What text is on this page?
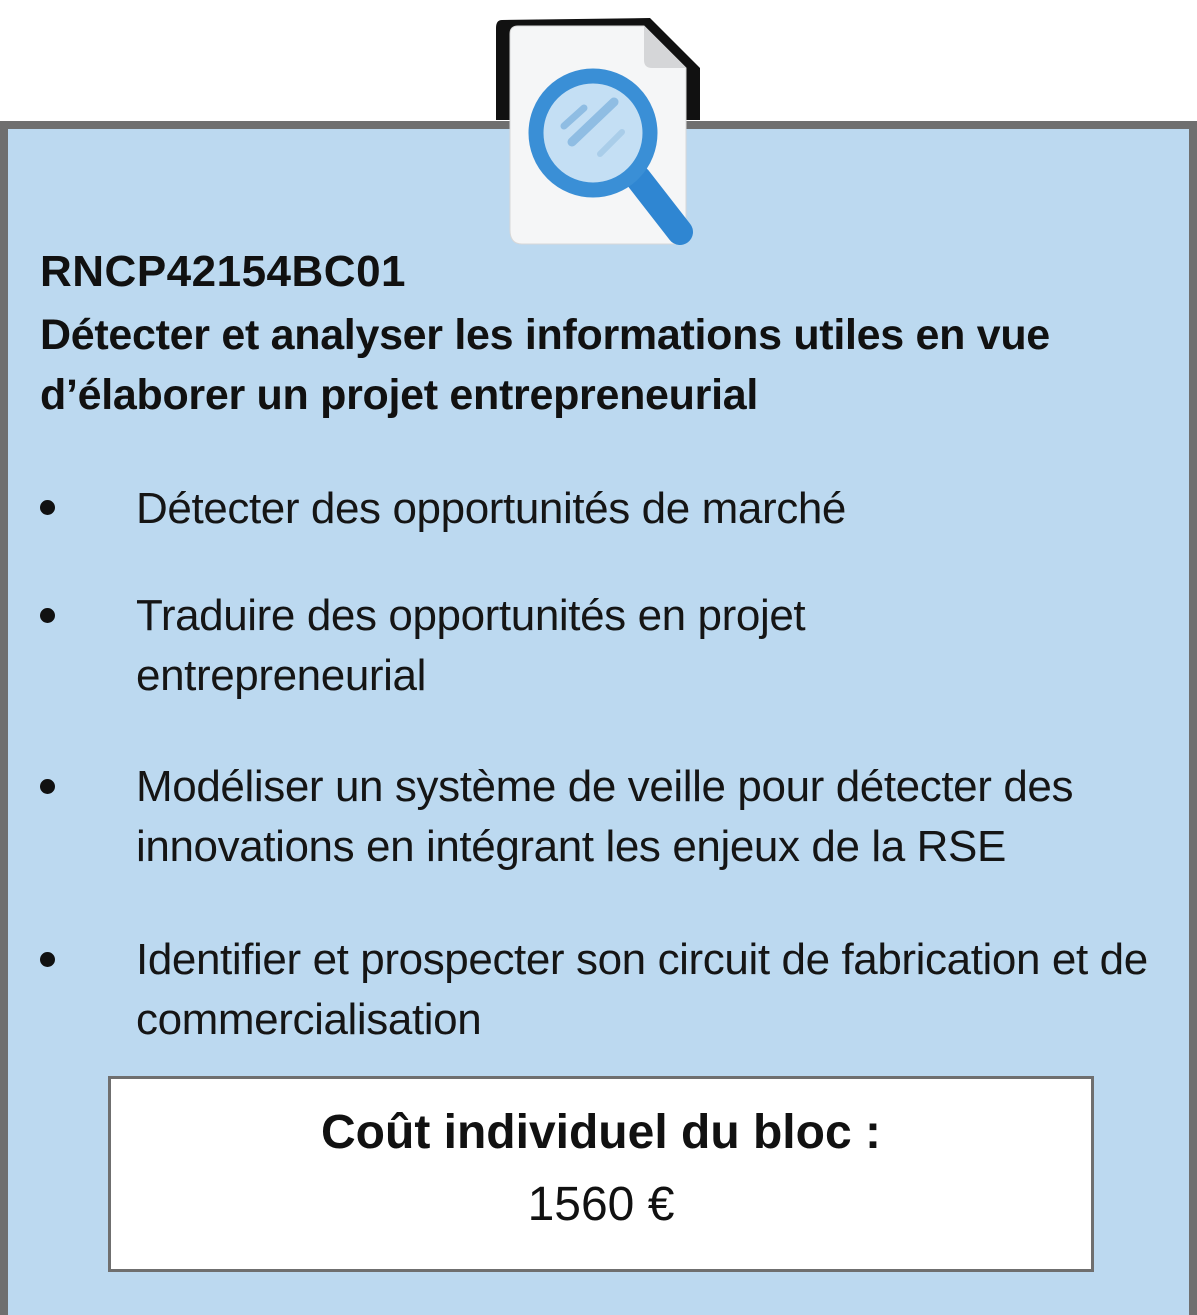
RNCP42154BC01
Détecter et analyser les informations utiles en vue d’élaborer un projet entrepreneurial
Détecter des opportunités de marché
Traduire des opportunités en projet entrepreneurial
Modéliser un système de veille pour détecter des innovations en intégrant les enjeux de la RSE
Identifier et prospecter son circuit de fabrication et de commercialisation
Coût individuel du bloc :
1560 €
